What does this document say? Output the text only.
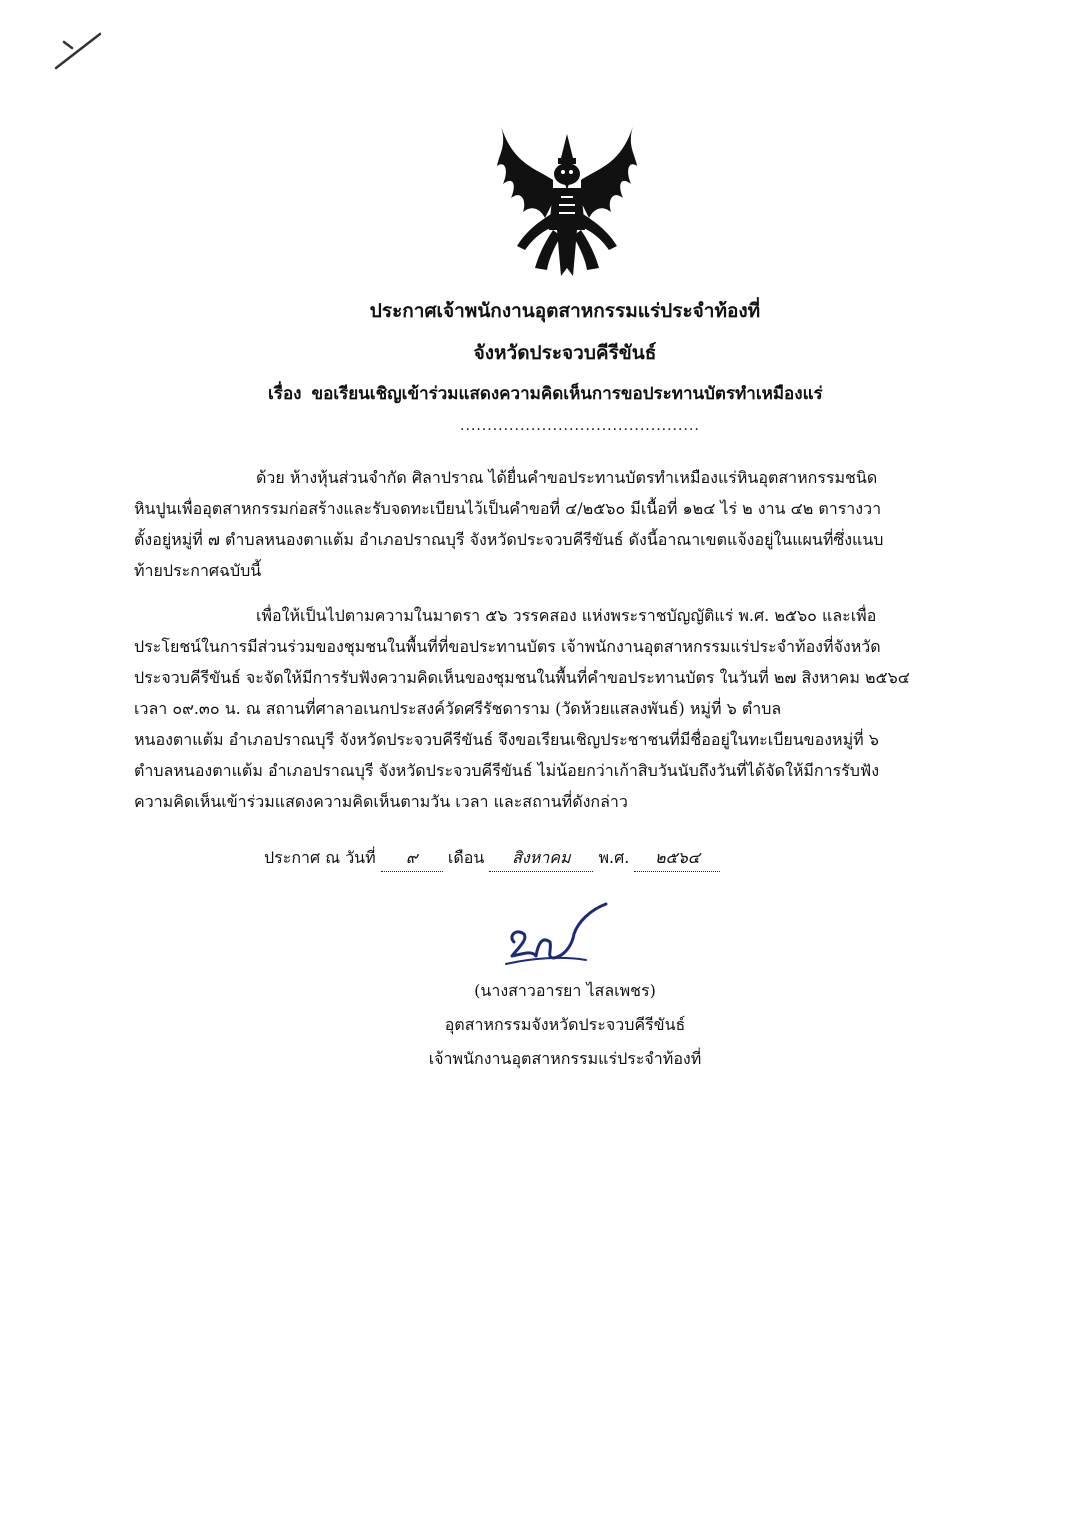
ประกาศเจ้าพนักงานอุตสาหกรรมแร่ประจำท้องที่
จังหวัดประจวบคีรีขันธ์
เรื่อง ขอเรียนเชิญเข้าร่วมแสดงความคิดเห็นการขอประทานบัตรทำเหมืองแร่
............................................
ด้วย ห้างหุ้นส่วนจำกัด ศิลาปราณ ได้ยื่นคำขอประทานบัตรทำเหมืองแร่หินอุตสาหกรรมชนิด
หินปูนเพื่ออุตสาหกรรมก่อสร้างและรับจดทะเบียนไว้เป็นคำขอที่ ๔/๒๕๖๐ มีเนื้อที่ ๑๒๔ ไร่ ๒ งาน ๔๒ ตารางวา
ตั้งอยู่หมู่ที่ ๗ ตำบลหนองตาแต้ม อำเภอปราณบุรี จังหวัดประจวบคีรีขันธ์ ดังนี้อาณาเขตแจ้งอยู่ในแผนที่ซึ่งแนบ
ท้ายประกาศฉบับนี้
เพื่อให้เป็นไปตามความในมาตรา ๕๖ วรรคสอง แห่งพระราชบัญญัติแร่ พ.ศ. ๒๕๖๐ และเพื่อ
ประโยชน์ในการมีส่วนร่วมของชุมชนในพื้นที่ที่ขอประทานบัตร เจ้าพนักงานอุตสาหกรรมแร่ประจำท้องที่จังหวัด
ประจวบคีรีขันธ์ จะจัดให้มีการรับฟังความคิดเห็นของชุมชนในพื้นที่คำขอประทานบัตร ในวันที่ ๒๗ สิงหาคม ๒๕๖๔
เวลา ๐๙.๓๐ น. ณ สถานที่ศาลาอเนกประสงค์วัดศรีรัชดาราม (วัดห้วยแสลงพันธ์) หมู่ที่ ๖ ตำบล
หนองตาแต้ม อำเภอปราณบุรี จังหวัดประจวบคีรีขันธ์ จึงขอเรียนเชิญประชาชนที่มีชื่ออยู่ในทะเบียนของหมู่ที่ ๖
ตำบลหนองตาแต้ม อำเภอปราณบุรี จังหวัดประจวบคีรีขันธ์ ไม่น้อยกว่าเก้าสิบวันนับถึงวันที่ได้จัดให้มีการรับฟัง
ความคิดเห็นเข้าร่วมแสดงความคิดเห็นตามวัน เวลา และสถานที่ดังกล่าว
ประกาศ ณ วันที่ ๙ เดือน สิงหาคม พ.ศ. ๒๕๖๔
(นางสาวอารยา ไสลเพชร)
อุตสาหกรรมจังหวัดประจวบคีรีขันธ์
เจ้าพนักงานอุตสาหกรรมแร่ประจำท้องที่
